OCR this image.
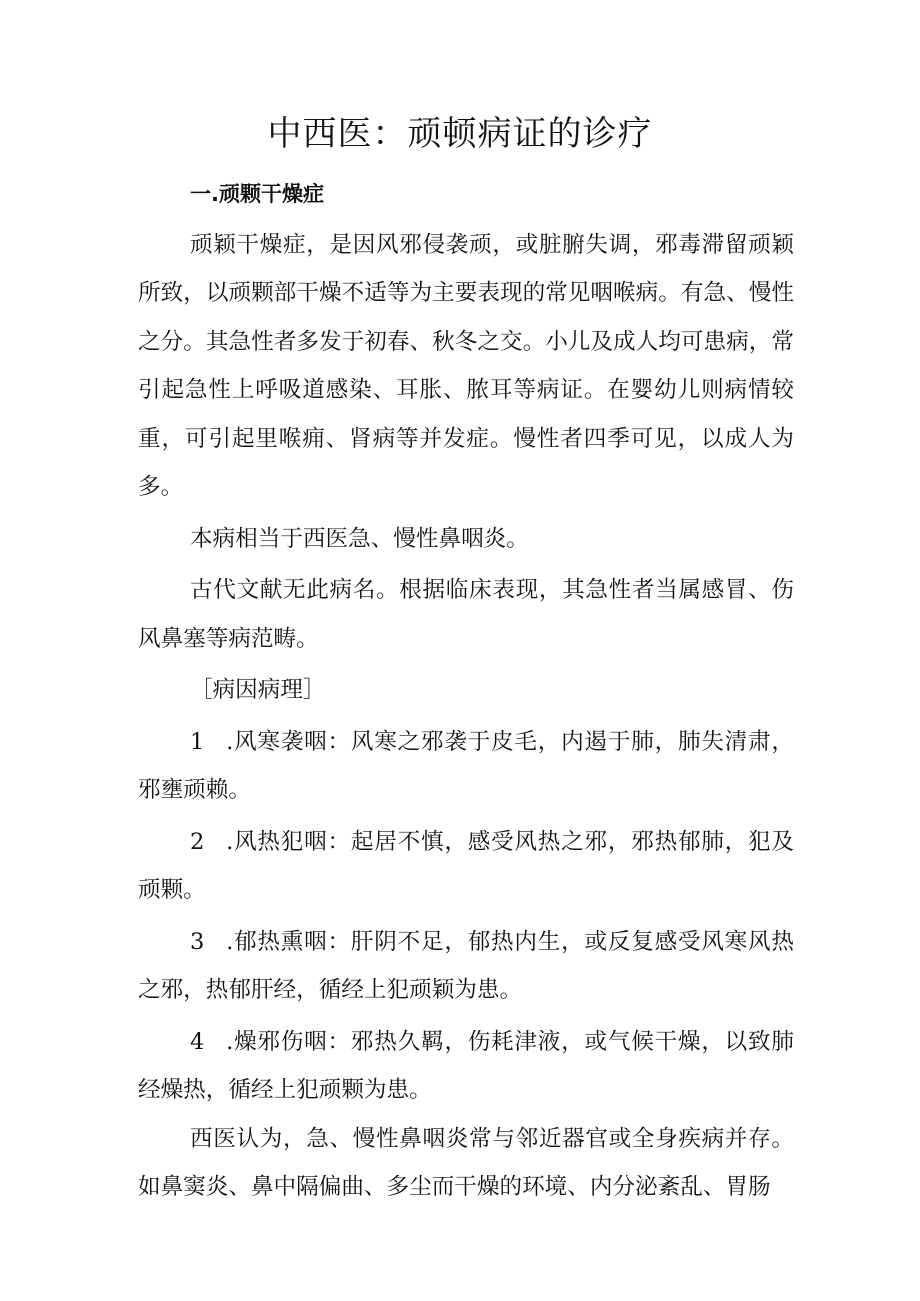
中西医：顽顿病证的诊疗
一.顽颗干燥症

顽颖干燥症，是因风邪侵袭顽，或脏腑失调，邪毒滞留顽颖所致，以顽颗部干燥不适等为主要表现的常见咽喉病。有急、慢性之分。其急性者多发于初春、秋冬之交。小儿及成人均可患病，常引起急性上呼吸道感染、耳胀、脓耳等病证。在婴幼儿则病情较重，可引起里喉痈、肾病等并发症。慢性者四季可见，以成人为多。

本病相当于西医急、慢性鼻咽炎。

古代文献无此病名。根据临床表现，其急性者当属感冒、伤风鼻塞等病范畴。

［病因病理］

1 .风寒袭咽：风寒之邪袭于皮毛，内遏于肺，肺失清肃，邪壅顽赖。

2 .风热犯咽：起居不慎，感受风热之邪，邪热郁肺，犯及顽颗。

3 .郁热熏咽：肝阴不足，郁热内生，或反复感受风寒风热之邪，热郁肝经，循经上犯顽颖为患。

4 .燥邪伤咽：邪热久羁，伤耗津液，或气候干燥，以致肺经燥热，循经上犯顽颗为患。

西医认为，急、慢性鼻咽炎常与邻近器官或全身疾病并存。如鼻窦炎、鼻中隔偏曲、多尘而干燥的环境、内分泌紊乱、胃肠
